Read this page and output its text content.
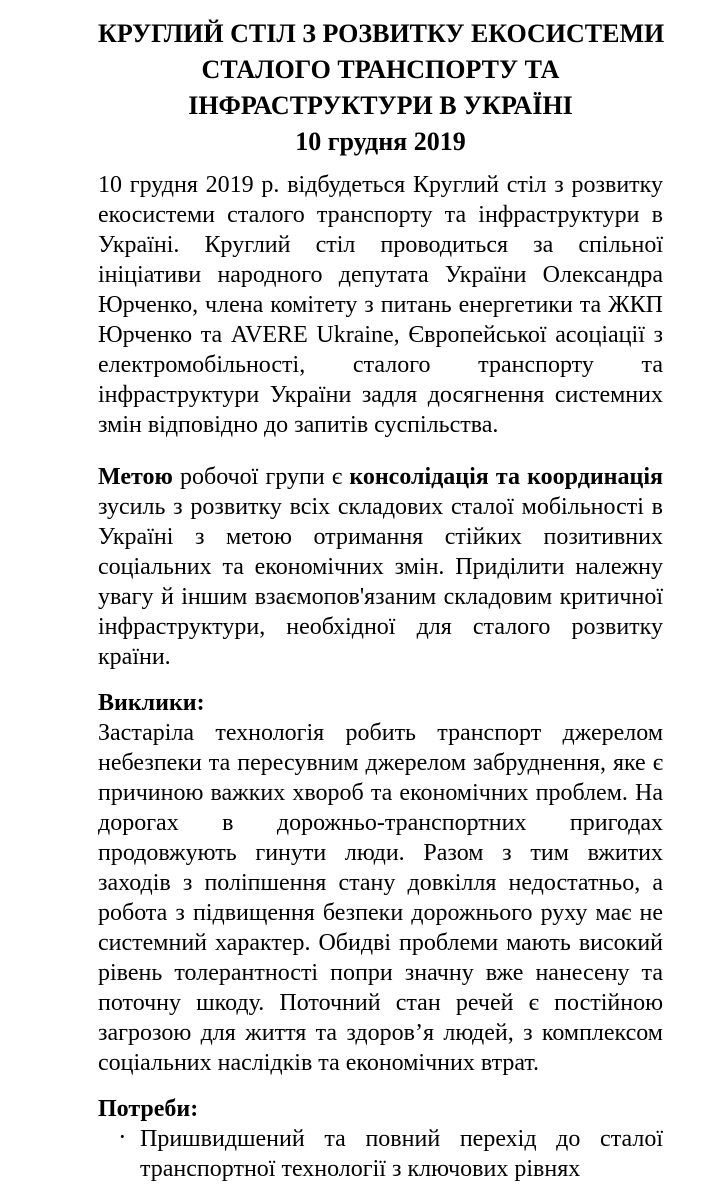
КРУГЛИЙ СТІЛ З РОЗВИТКУ ЕКОСИСТЕМИ
СТАЛОГО ТРАНСПОРТУ ТА
ІНФРАСТРУКТУРИ В УКРАЇНІ
10 грудня 2019

10 грудня 2019 р. відбудеться Круглий стіл з розвитку екосистеми сталого транспорту та інфраструктури в Україні. Круглий стіл проводиться за спільної ініціативи народного депутата України Олександра Юрченко, члена комітету з питань енергетики та ЖКП Юрченко та AVERE Ukraine, Європейської асоціації з електромобільності, сталого транспорту та інфраструктури України задля досягнення системних змін відповідно до запитів суспільства.

Метою робочої групи є консолідація та координація зусиль з розвитку всіх складових сталої мобільності в Україні з метою отримання стійких позитивних соціальних та економічних змін. Приділити належну увагу й іншим взаємопов'язаним складовим критичної інфраструктури, необхідної для сталого розвитку країни.

Виклики:

Застаріла технологія робить транспорт джерелом небезпеки та пересувним джерелом забруднення, яке є причиною важких хвороб та економічних проблем. На дорогах в дорожньо-транспортних пригодах продовжують гинути люди. Разом з тим вжитих заходів з поліпшення стану довкілля недостатньо, а робота з підвищення безпеки дорожнього руху має не системний характер. Обидві проблеми мають високий рівень толерантності попри значну вже нанесену та поточну шкоду. Поточний стан речей є постійною загрозою для життя та здоров’я людей, з комплексом соціальних наслідків та економічних втрат.

Потреби:
· Пришвидшений та повний перехід до сталої транспортної технології з ключових рівнях
